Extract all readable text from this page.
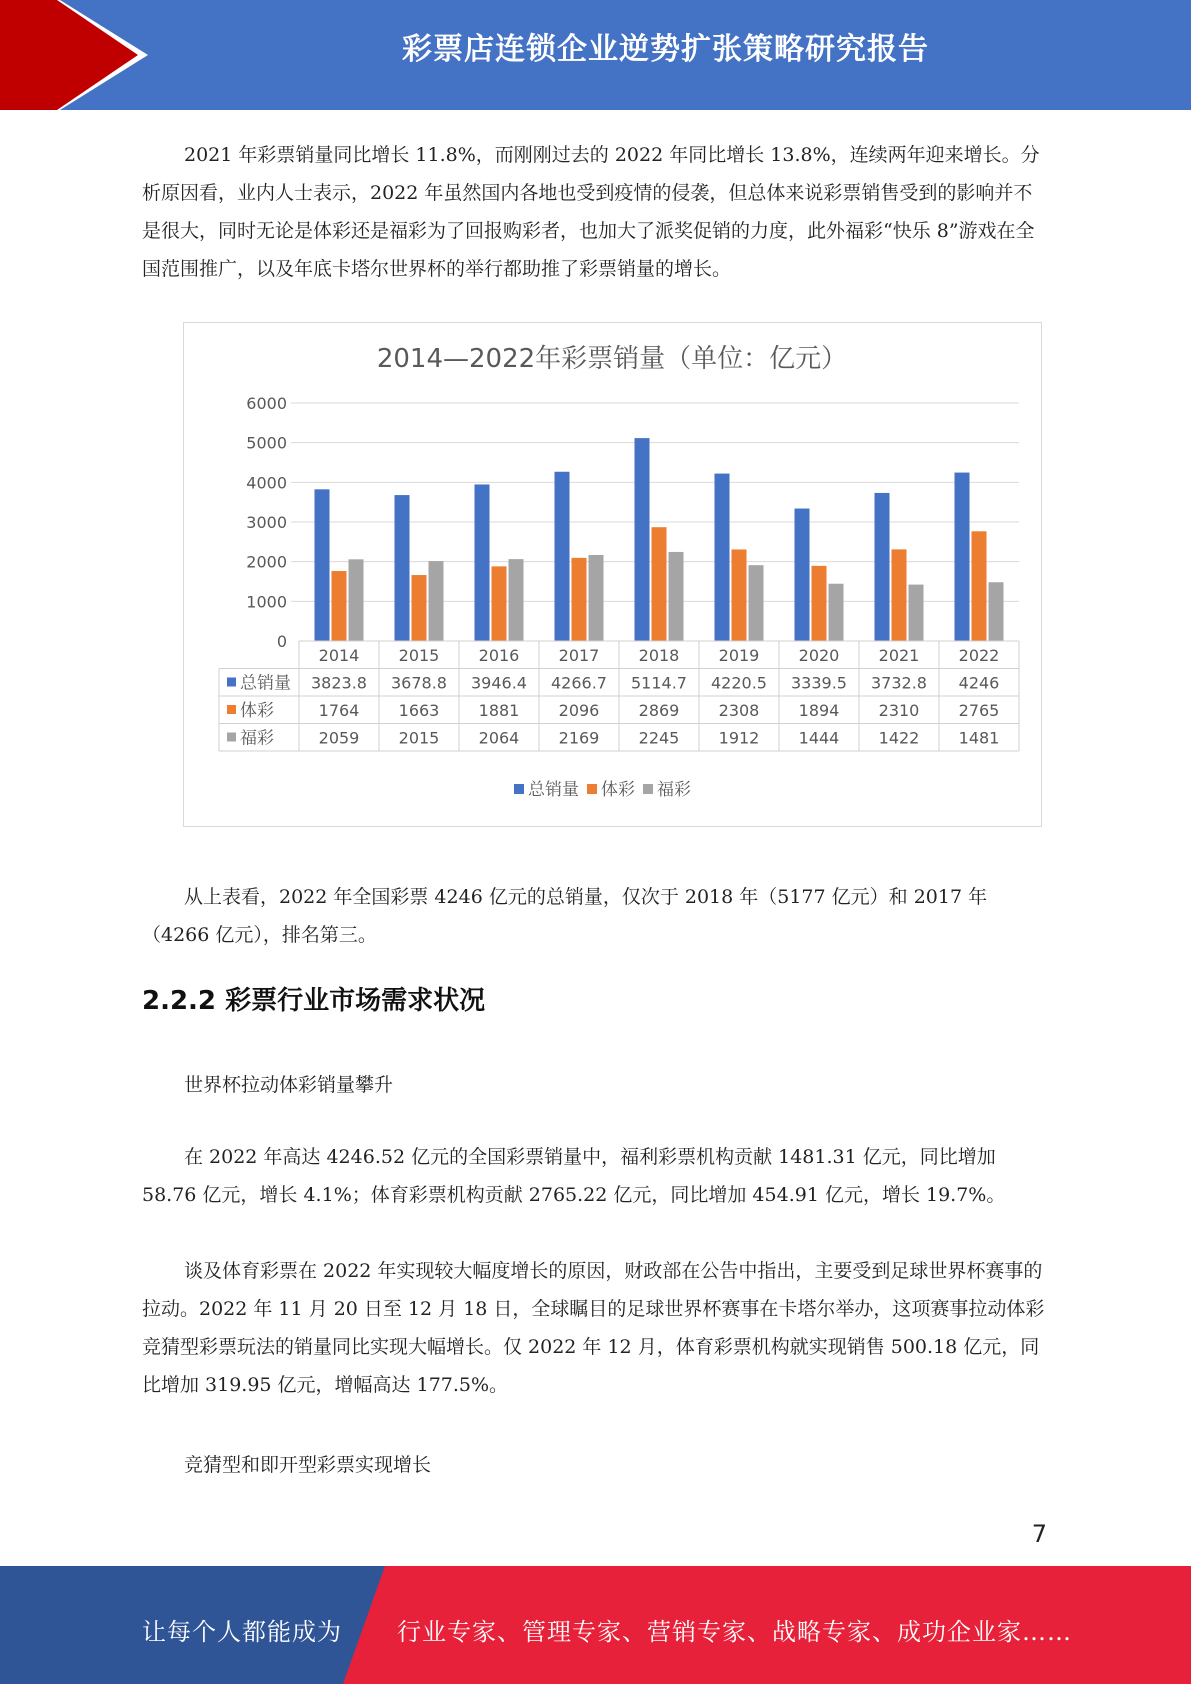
彩票店连锁企业逆势扩张策略研究报告

2021 年彩票销量同比增长 11.8%，而刚刚过去的 2022 年同比增长 13.8%，连续两年迎来增长。分析原因看，业内人士表示，2022 年虽然国内各地也受到疫情的侵袭，但总体来说彩票销售受到的影响并不是很大，同时无论是体彩还是福彩为了回报购彩者，也加大了派奖促销的力度，此外福彩“快乐 8”游戏在全国范围推广，以及年底卡塔尔世界杯的举行都助推了彩票销量的增长。

2014—2022年彩票销量（单位：亿元）
0
1000
2000
3000
4000
5000
6000
2014 2015 2016 2017 2018 2019 2020 2021 2022
总销量 3823.8 3678.8 3946.4 4266.7 5114.7 4220.5 3339.5 3732.8 4246
体彩	1764 1663 1881 2096 2869 2308 1894 2310 2765
福彩	2059 2015 2064 2169 2245 1912 1444 1422 1481
总销量 体彩 福彩

从上表看，2022 年全国彩票 4246 亿元的总销量，仅次于 2018 年（5177 亿元）和 2017 年（4266 亿元），排名第三。

2.2.2 彩票行业市场需求状况
世界杯拉动体彩销量攀升

在 2022 年高达 4246.52 亿元的全国彩票销量中，福利彩票机构贡献 1481.31 亿元，同比增加 58.76 亿元，增长 4.1%；体育彩票机构贡献 2765.22 亿元，同比增加 454.91 亿元，增长 19.7%。

谈及体育彩票在 2022 年实现较大幅度增长的原因，财政部在公告中指出，主要受到足球世界杯赛事的拉动。2022 年 11 月 20 日至 12 月 18 日，全球瞩目的足球世界杯赛事在卡塔尔举办，这项赛事拉动体彩竞猜型彩票玩法的销量同比实现大幅增长。仅 2022 年 12 月，体育彩票机构就实现销售 500.18 亿元，同比增加 319.95 亿元，增幅高达 177.5%。

竞猜型和即开型彩票实现增长
7
让每个人都能成为 行业专家、管理专家、营销专家、战略专家、成功企业家……
